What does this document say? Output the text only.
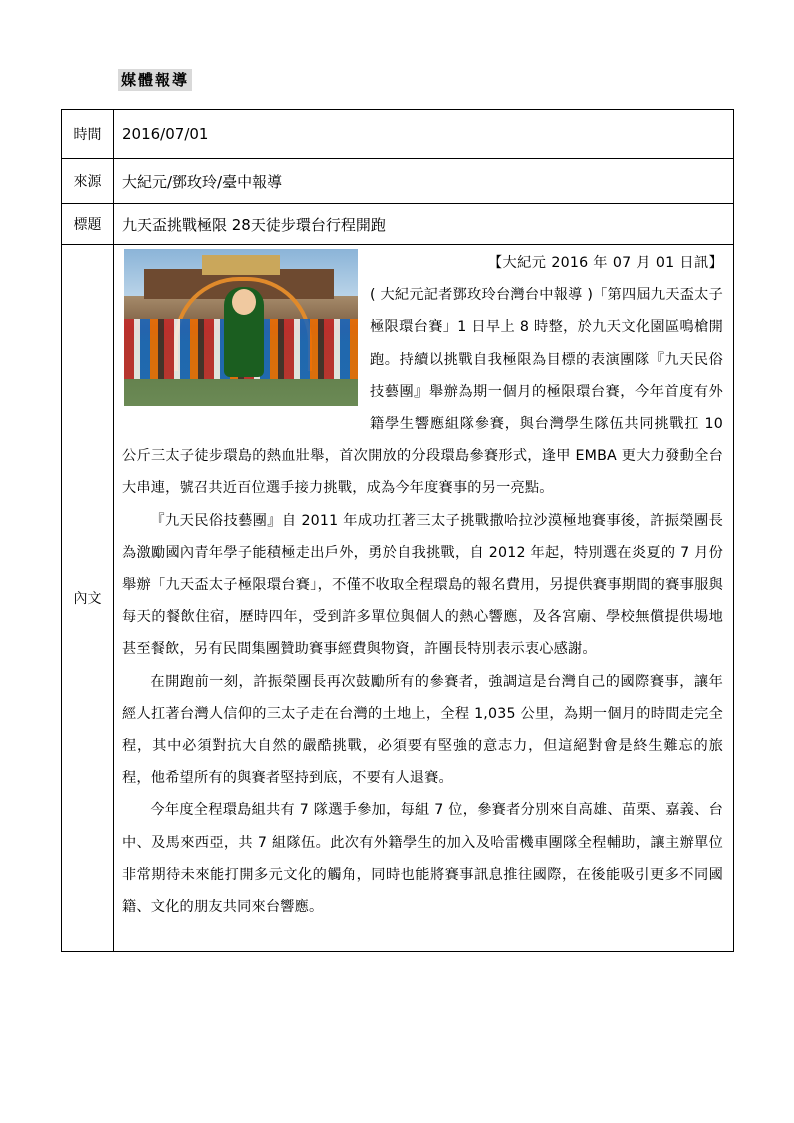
媒體報導
時間	2016/07/01
來源	大紀元/鄧玫玲/臺中報導
標題	九天盃挑戰極限 28天徒步環台行程開跑
內文	【大紀元 2016 年 07 月 01 日訊】( 大紀元記者鄧玫玲台灣台中報導 )「第四屆九天盃太子極限環台賽」1 日早上 8 時整，於九天文化園區鳴槍開跑。持續以挑戰自我極限為目標的表演團隊『九天民俗技藝團』舉辦為期一個月的極限環台賽，今年首度有外籍學生響應組隊參賽，與台灣學生隊伍共同挑戰扛 10 公斤三太子徒步環島的熱血壯舉，首次開放的分段環島參賽形式，逢甲 EMBA 更大力發動全台大串連，號召共近百位選手接力挑戰，成為今年度賽事的另一亮點。

『九天民俗技藝團』自 2011 年成功扛著三太子挑戰撒哈拉沙漠極地賽事後，許振榮團長為激勵國內青年學子能積極走出戶外，勇於自我挑戰，自 2012 年起，特別選在炎夏的 7 月份舉辦「九天盃太子極限環台賽」，不僅不收取全程環島的報名費用，另提供賽事期間的賽事服與每天的餐飲住宿，歷時四年，受到許多單位與個人的熱心響應，及各宮廟、學校無償提供場地甚至餐飲，另有民間集團贊助賽事經費與物資，許團長特別表示衷心感謝。

在開跑前一刻，許振榮團長再次鼓勵所有的參賽者，強調這是台灣自己的國際賽事，讓年經人扛著台灣人信仰的三太子走在台灣的土地上，全程 1,035 公里，為期一個月的時間走完全程，其中必須對抗大自然的嚴酷挑戰，必須要有堅強的意志力，但這絕對會是終生難忘的旅程，他希望所有的與賽者堅持到底，不要有人退賽。

今年度全程環島組共有 7 隊選手參加，每組 7 位，參賽者分別來自高雄、苗栗、嘉義、台中、及馬來西亞，共 7 組隊伍。此次有外籍學生的加入及哈雷機車團隊全程輔助，讓主辦單位非常期待未來能打開多元文化的觸角，同時也能將賽事訊息推往國際，在後能吸引更多不同國籍、文化的朋友共同來台響應。
